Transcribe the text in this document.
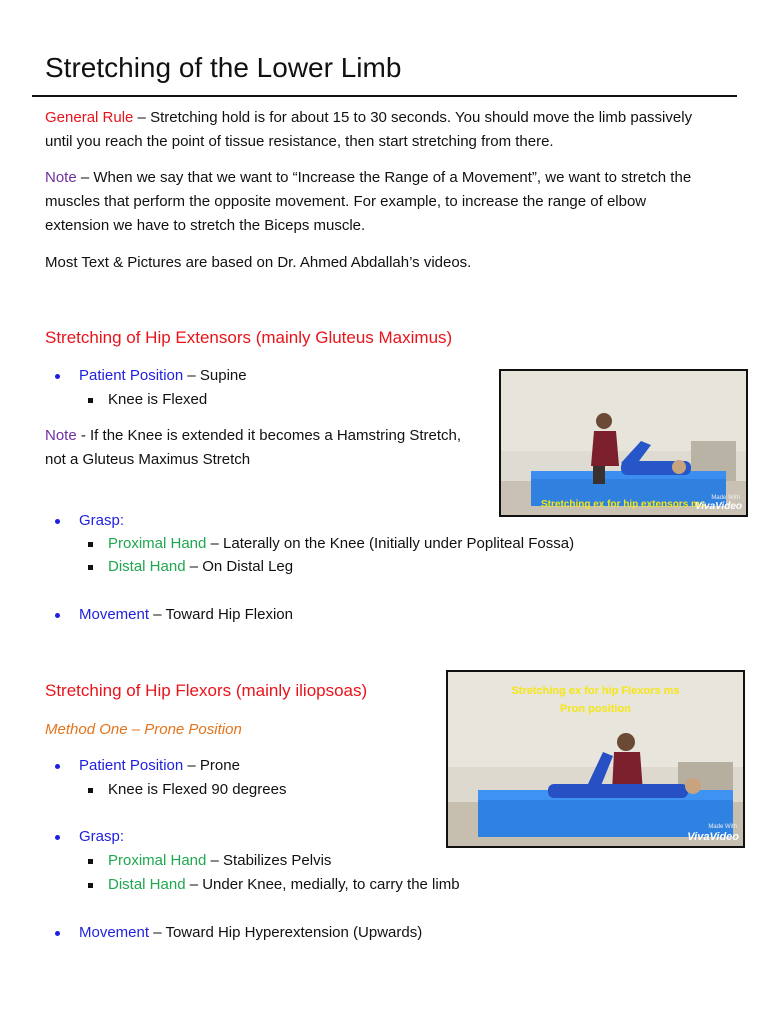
Stretching of the Lower Limb
General Rule – Stretching hold is for about 15 to 30 seconds. You should move the limb passively
until you reach the point of tissue resistance, then start stretching from there.
Note – When we say that we want to “Increase the Range of a Movement”, we want to stretch the
muscles that perform the opposite movement. For example, to increase the range of elbow
extension we have to stretch the Biceps muscle.
Most Text & Pictures are based on Dr. Ahmed Abdallah’s videos.
Stretching of Hip Extensors (mainly Gluteus Maximus)
Patient Position – Supine
Knee is Flexed
Note - If the Knee is extended it becomes a Hamstring Stretch,
not a Gluteus Maximus Stretch
Grasp:
Proximal Hand – Laterally on the Knee (Initially under Popliteal Fossa)
Distal Hand – On Distal Leg
Movement – Toward Hip Flexion
Stretching ex for hip extensors ms
Made With
VivaVideo
Stretching of Hip Flexors (mainly iliopsoas)
Method One – Prone Position
Patient Position – Prone
Knee is Flexed 90 degrees
Grasp:
Proximal Hand – Stabilizes Pelvis
Distal Hand – Under Knee, medially, to carry the limb
Movement – Toward Hip Hyperextension (Upwards)
Stretching ex for hip Flexors ms
Pron position
Made With
VivaVideo
